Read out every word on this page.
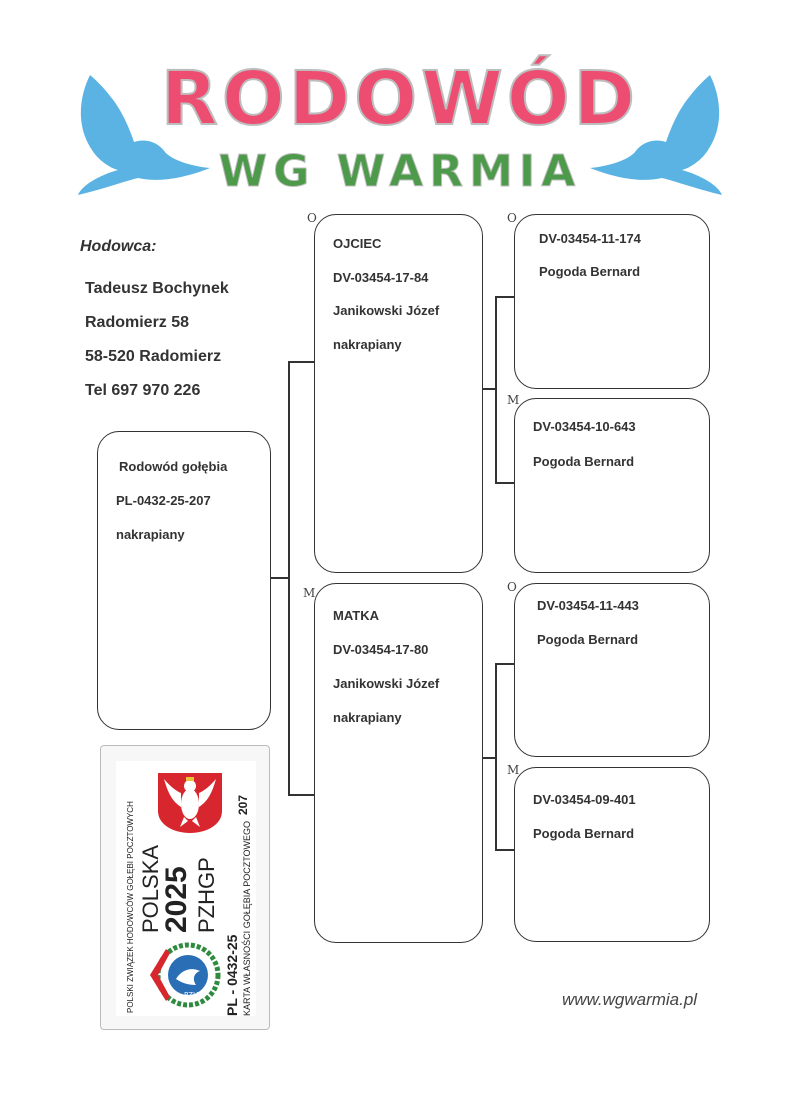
RODOWÓD
WG WARMIA
Hodowca:
Tadeusz Bochynek
Radomierz 58
58-520 Radomierz
Tel 697 970 226
O
M
O
M
O
M
Rodowód gołębia
PL-0432-25-207
nakrapiany
OJCIEC
DV-03454-17-84
Janikowski Józef
nakrapiany
MATKA
DV-03454-17-80
Janikowski Józef
nakrapiany
DV-03454-11-174
Pogoda Bernard
DV-03454-10-643
Pogoda Bernard
DV-03454-11-443
Pogoda Bernard
DV-03454-09-401
Pogoda Bernard
POLSKI ZWIĄZEK HODOWCÓW GOŁĘBI POCZTOWYCH POLSKA
2025 PZHGP
PL - 0432-25 KARTA WŁASNOŚCI GOŁĘBIA POCZTOWEGO
207
PZHGP	www.wgwarmia.pl
